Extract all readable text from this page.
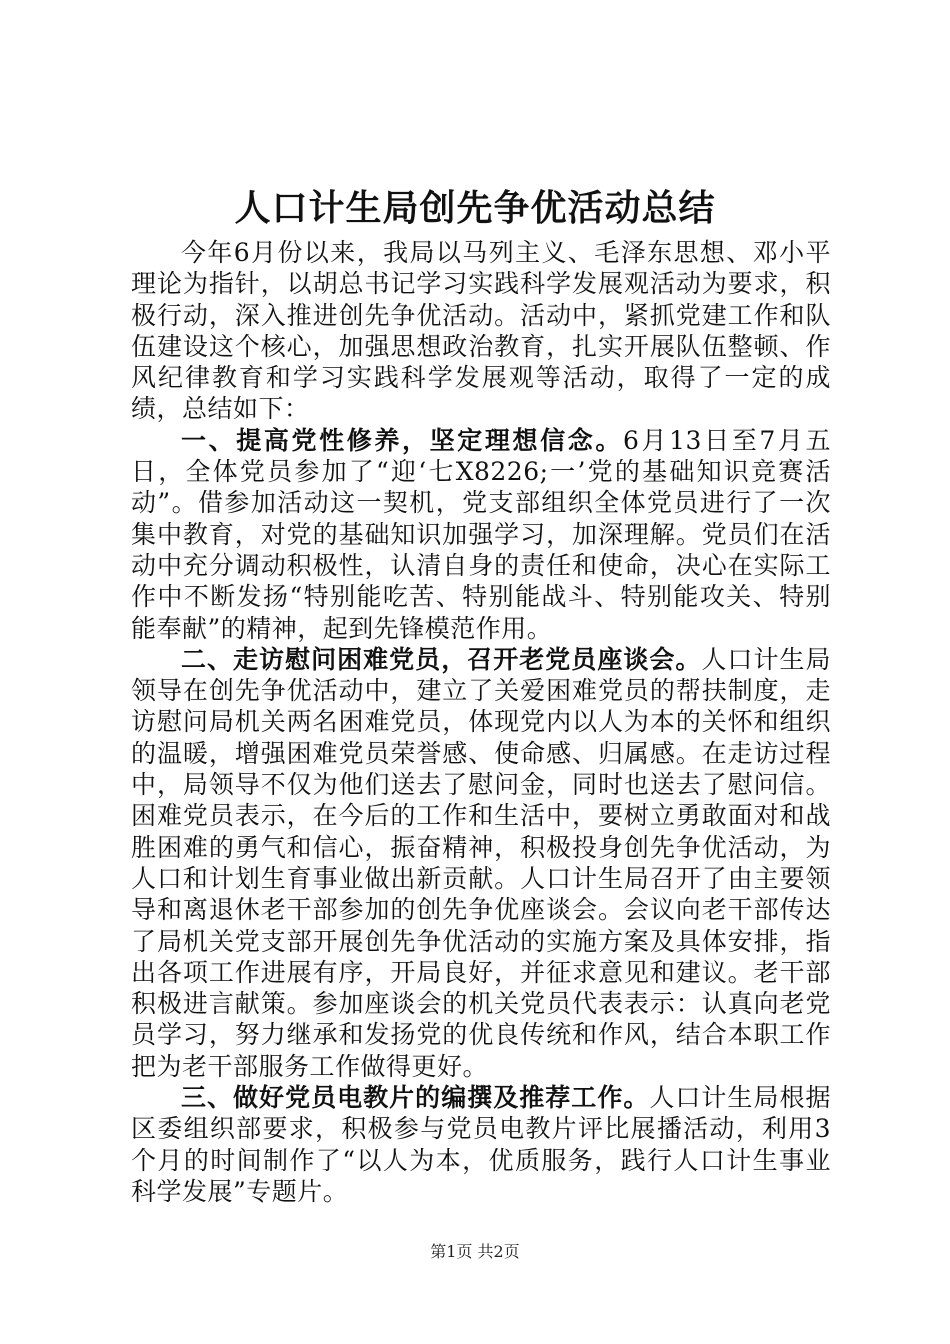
人口计生局创先争优活动总结

今年6月份以来，我局以马列主义、毛泽东思想、邓小平理论为指针，以胡总书记学习实践科学发展观活动为要求，积极行动，深入推进创先争优活动。活动中，紧抓党建工作和队伍建设这个核心，加强思想政治教育，扎实开展队伍整顿、作风纪律教育和学习实践科学发展观等活动，取得了一定的成绩，总结如下：

一、提高党性修养，坚定理想信念。6月13日至7月五日，全体党员参加了“迎‘七X8226;一’党的基础知识竞赛活动”。借参加活动这一契机，党支部组织全体党员进行了一次集中教育，对党的基础知识加强学习，加深理解。党员们在活动中充分调动积极性，认清自身的责任和使命，决心在实际工作中不断发扬“特别能吃苦、特别能战斗、特别能攻关、特别能奉献”的精神，起到先锋模范作用。

二、走访慰问困难党员，召开老党员座谈会。人口计生局领导在创先争优活动中，建立了关爱困难党员的帮扶制度，走访慰问局机关两名困难党员，体现党内以人为本的关怀和组织的温暖，增强困难党员荣誉感、使命感、归属感。在走访过程中，局领导不仅为他们送去了慰问金，同时也送去了慰问信。困难党员表示，在今后的工作和生活中，要树立勇敢面对和战胜困难的勇气和信心，振奋精神，积极投身创先争优活动，为人口和计划生育事业做出新贡献。人口计生局召开了由主要领导和离退休老干部参加的创先争优座谈会。会议向老干部传达了局机关党支部开展创先争优活动的实施方案及具体安排，指出各项工作进展有序，开局良好，并征求意见和建议。老干部积极进言献策。参加座谈会的机关党员代表表示：认真向老党员学习，努力继承和发扬党的优良传统和作风，结合本职工作把为老干部服务工作做得更好。

三、做好党员电教片的编撰及推荐工作。人口计生局根据区委组织部要求，积极参与党员电教片评比展播活动，利用3个月的时间制作了“以人为本，优质服务，践行人口计生事业科学发展”专题片。

第1页 共2页
